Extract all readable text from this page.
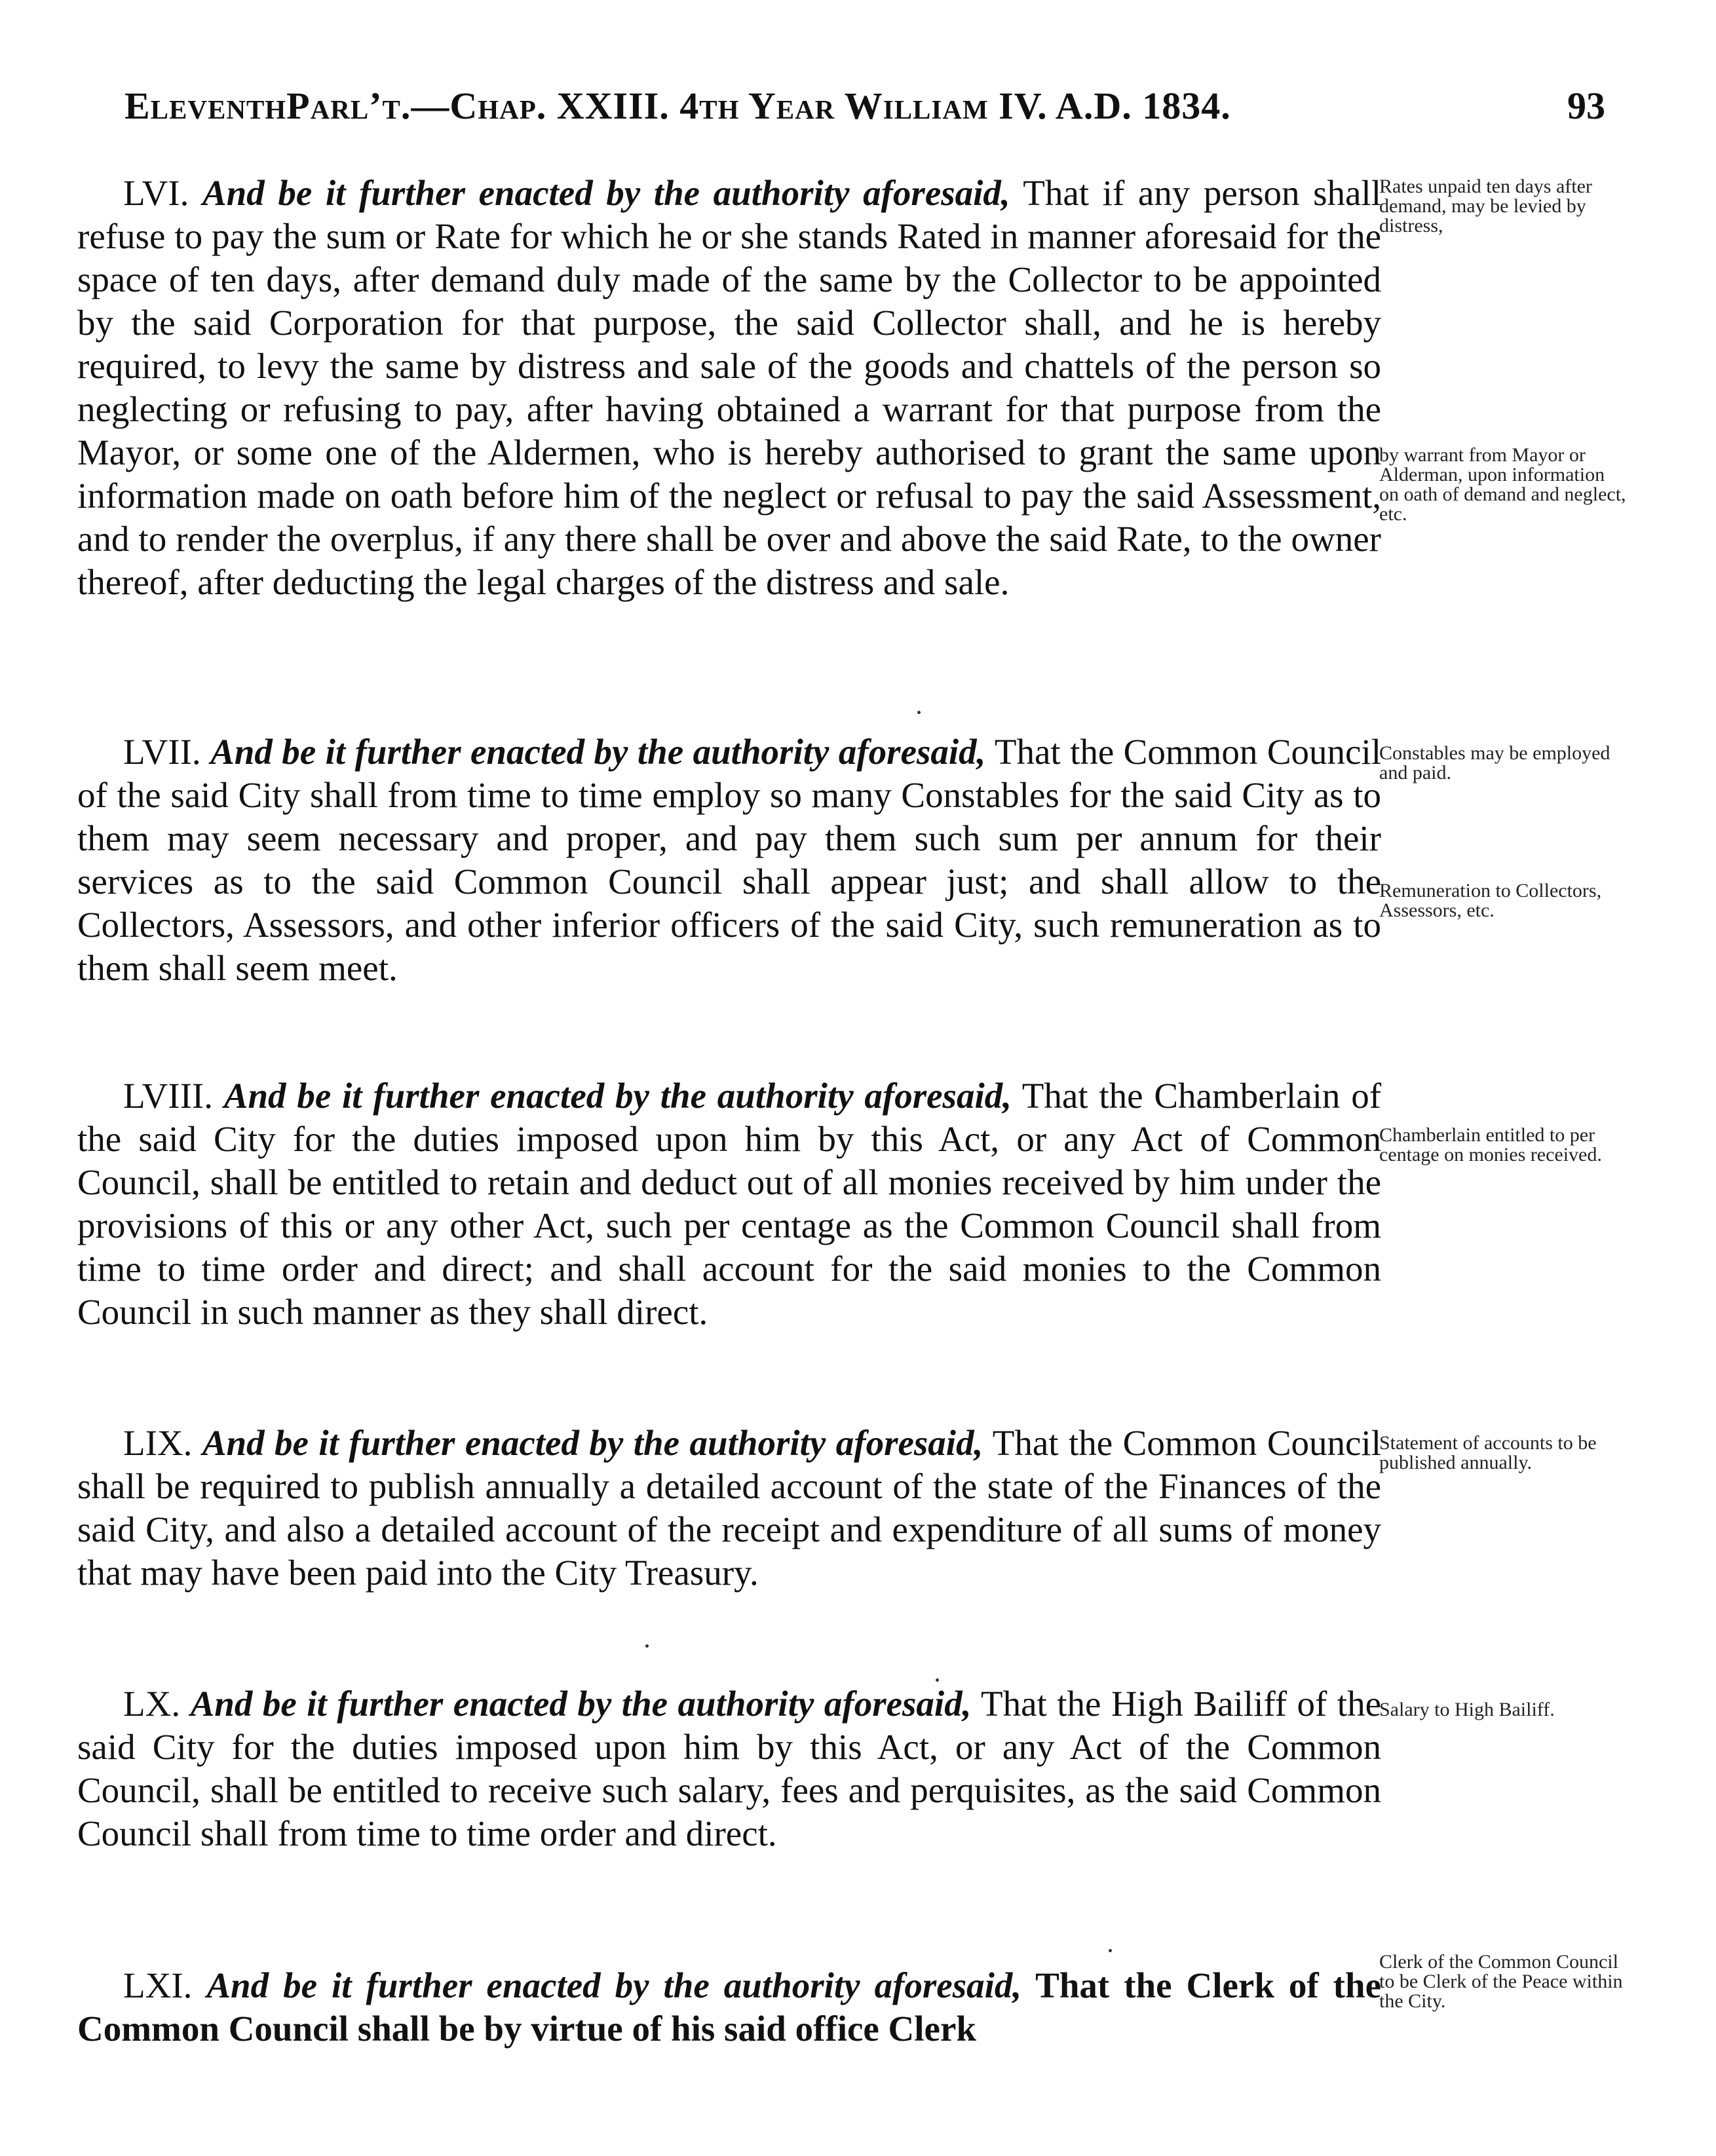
EleventhParl’t.—Chap. XXIII. 4th Year William IV. A.D. 1834.	93

LVI. And be it further enacted by the authority aforesaid, That if any person shall refuse to pay the sum or Rate for which he or she stands Rated in manner aforesaid for the space of ten days, after demand duly made of the same by the Collector to be appointed by the said Corporation for that purpose, the said Collector shall, and he is hereby required, to levy the same by distress and sale of the goods and chattels of the person so neglecting or refusing to pay, after having obtained a warrant for that purpose from the Mayor, or some one of the Aldermen, who is hereby authorised to grant the same upon information made on oath before him of the neglect or refusal to pay the said Assessment, and to render the overplus, if any there shall be over and above the said Rate, to the owner thereof, after deducting the legal charges of the distress and sale.

Rates unpaid ten days after demand, may be levied by distress,
by warrant from Mayor or Alderman, upon information on oath of demand and neglect, etc.

LVII. And be it further enacted by the authority aforesaid, That the Common Council of the said City shall from time to time employ so many Constables for the said City as to them may seem necessary and proper, and pay them such sum per annum for their services as to the said Common Council shall appear just; and shall allow to the Collectors, Assessors, and other inferior officers of the said City, such remuneration as to them shall seem meet.

Constables may be employed and paid.
Remuneration to Collectors, Assessors, etc.

LVIII. And be it further enacted by the authority aforesaid, That the Chamberlain of the said City for the duties imposed upon him by this Act, or any Act of Common Council, shall be entitled to retain and deduct out of all monies received by him under the provisions of this or any other Act, such per centage as the Common Council shall from time to time order and direct; and shall account for the said monies to the Common Council in such manner as they shall direct.

Chamberlain entitled to per centage on monies received.

LIX. And be it further enacted by the authority aforesaid, That the Common Council shall be required to publish annually a detailed account of the state of the Finances of the said City, and also a detailed account of the receipt and expenditure of all sums of money that may have been paid into the City Treasury.

Statement of accounts to be published annually.

LX. And be it further enacted by the authority aforesaid, That the High Bailiff of the said City for the duties imposed upon him by this Act, or any Act of the Common Council, shall be entitled to receive such salary, fees and perquisites, as the said Common Council shall from time to time order and direct.

Salary to High Bailiff.

LXI. And be it further enacted by the authority aforesaid, That the Clerk of the Common Council shall be by virtue of his said office Clerk

Clerk of the Common Council to be Clerk of the Peace within the City.
